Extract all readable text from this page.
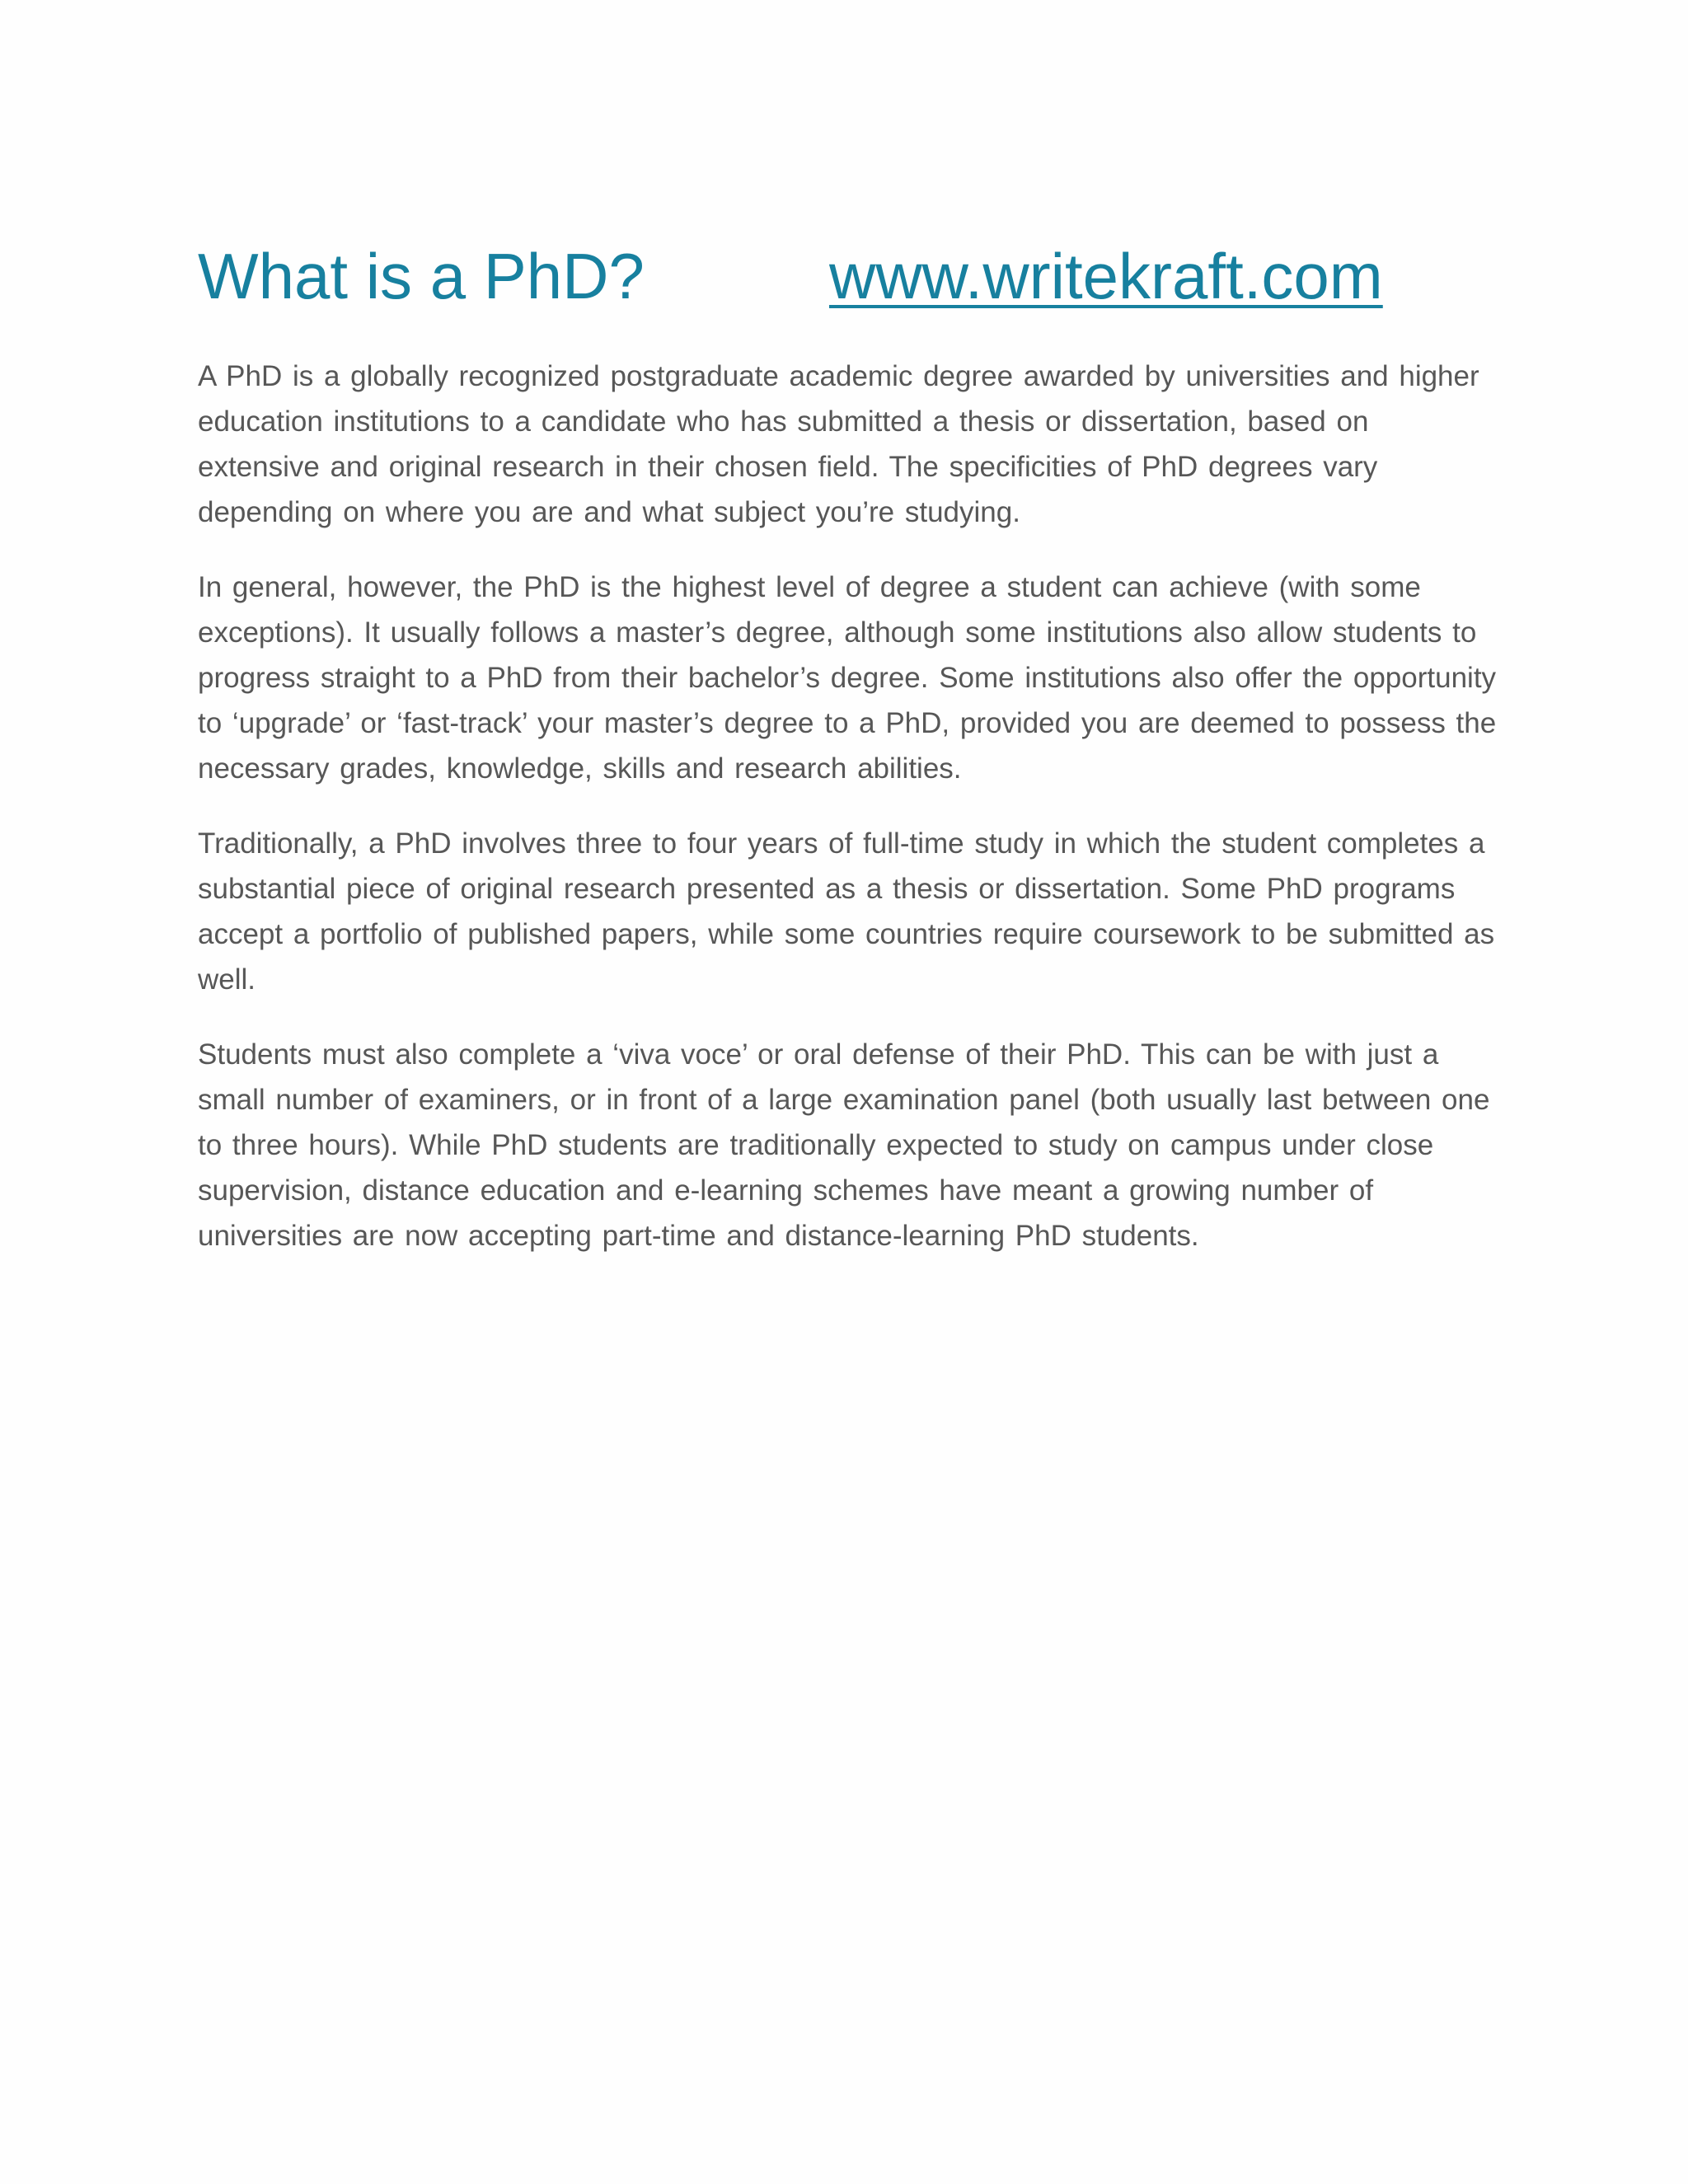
What is a PhD?	www.writekraft.com

A PhD is a globally recognized postgraduate academic degree awarded by universities and higher education institutions to a candidate who has submitted a thesis or dissertation, based on extensive and original research in their chosen field. The specificities of PhD degrees vary depending on where you are and what subject you’re studying.

In general, however, the PhD is the highest level of degree a student can achieve (with some exceptions). It usually follows a master’s degree, although some institutions also allow students to progress straight to a PhD from their bachelor’s degree. Some institutions also offer the opportunity to ‘upgrade’ or ‘fast-track’ your master’s degree to a PhD, provided you are deemed to possess the necessary grades, knowledge, skills and research abilities.

Traditionally, a PhD involves three to four years of full-time study in which the student completes a substantial piece of original research presented as a thesis or dissertation. Some PhD programs accept a portfolio of published papers, while some countries require coursework to be submitted as well.

Students must also complete a ‘viva voce’ or oral defense of their PhD. This can be with just a small number of examiners, or in front of a large examination panel (both usually last between one to three hours). While PhD students are traditionally expected to study on campus under close supervision, distance education and e-learning schemes have meant a growing number of universities are now accepting part-time and distance-learning PhD students.
